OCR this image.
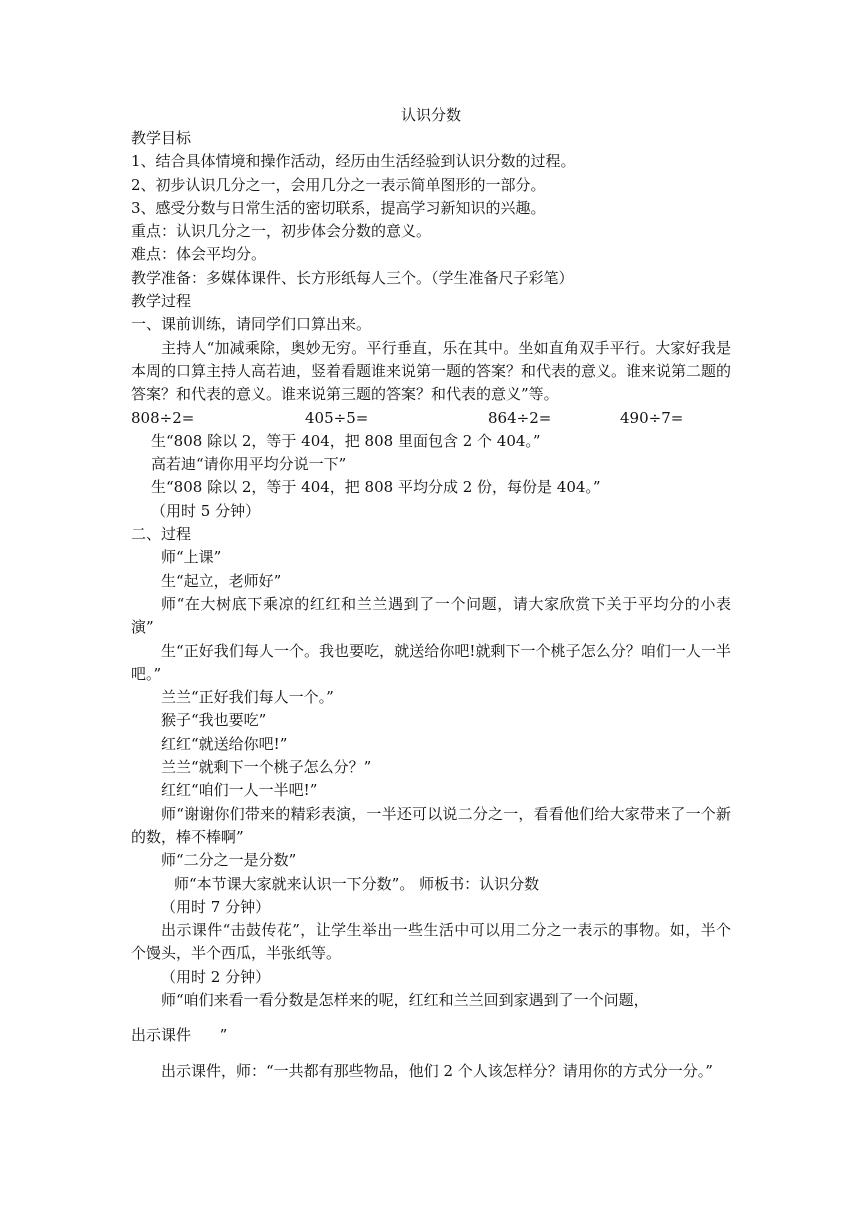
认识分数
教学目标
1、结合具体情境和操作活动，经历由生活经验到认识分数的过程。
2、初步认识几分之一，会用几分之一表示简单图形的一部分。
3、感受分数与日常生活的密切联系，提高学习新知识的兴趣。
重点：认识几分之一，初步体会分数的意义。
难点：体会平均分。
教学准备：多媒体课件、长方形纸每人三个。（学生准备尺子彩笔）
教学过程
一、课前训练，请同学们口算出来。
主持人“加减乘除，奥妙无穷。平行垂直，乐在其中。坐如直角双手平行。大家好我是本周的口算主持人高若迪，竖着看题谁来说第一题的答案？和代表的意义。谁来说第二题的答案？和代表的意义。谁来说第三题的答案？和代表的意义”等。
808÷2=	405÷5=	864÷2=	490÷7=
生“808 除以 2，等于 404，把 808 里面包含 2 个 404。”
高若迪“请你用平均分说一下”
生“808 除以 2，等于 404，把 808 平均分成 2 份，每份是 404。”
（用时 5 分钟）
二、过程
师“上课”
生“起立，老师好”
师“在大树底下乘凉的红红和兰兰遇到了一个问题，请大家欣赏下关于平均分的小表演”
生“正好我们每人一个。我也要吃，就送给你吧!就剩下一个桃子怎么分？咱们一人一半吧。”
兰兰“正好我们每人一个。”
猴子“我也要吃”
红红“就送给你吧!”
兰兰“就剩下一个桃子怎么分？”
红红“咱们一人一半吧!”
师“谢谢你们带来的精彩表演，一半还可以说二分之一，看看他们给大家带来了一个新的数，棒不棒啊”
师“二分之一是分数”
师“本节课大家就来认识一下分数”。 师板书：认识分数
（用时 7 分钟）
出示课件“击鼓传花”，让学生举出一些生活中可以用二分之一表示的事物。如，半个个馒头，半个西瓜，半张纸等。
（用时 2 分钟）
师“咱们来看一看分数是怎样来的呢，红红和兰兰回到家遇到了一个问题，
出示课件      ”
出示课件，师：“一共都有那些物品，他们 2 个人该怎样分？请用你的方式分一分。”
